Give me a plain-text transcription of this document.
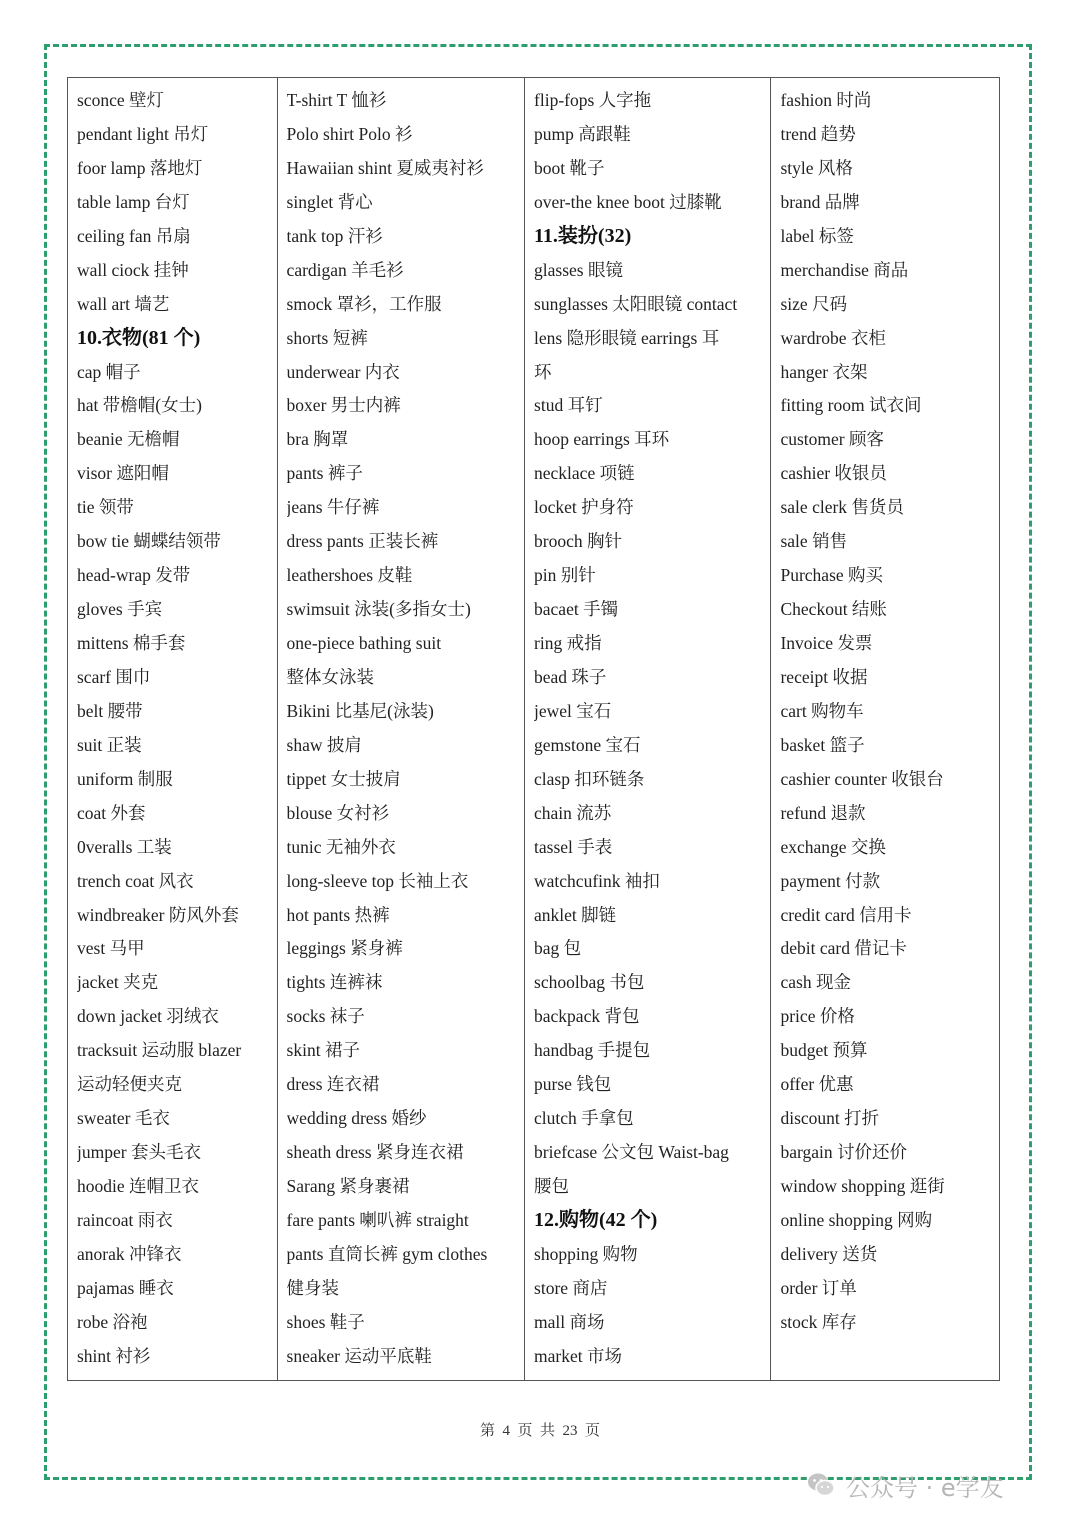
sconce 壁灯
pendant light 吊灯
foor lamp 落地灯
table lamp 台灯
ceiling fan 吊扇
wall ciock 挂钟
wall art 墙艺
10.衣物(81 个)
cap 帽子
hat 带檐帽(女士)
beanie 无檐帽
visor 遮阳帽
tie 领带
bow tie 蝴蝶结领带
head-wrap 发带
gloves 手宾
mittens 棉手套
scarf 围巾
belt 腰带
suit 正装
uniform 制服
coat 外套
0veralls 工装
trench coat 风衣
windbreaker 防风外套
vest 马甲
jacket 夹克
down jacket 羽绒衣
tracksuit 运动服 blazer
运动轻便夹克
sweater 毛衣
jumper 套头毛衣
hoodie 连帽卫衣
raincoat 雨衣
anorak 冲锋衣
pajamas 睡衣
robe 浴袍
shint 衬衫
T-shirt T 恤衫
Polo shirt Polo 衫
Hawaiian shint 夏威夷衬衫
singlet 背心
tank top 汗衫
cardigan 羊毛衫
smock 罩衫，工作服
shorts 短裤
underwear 内衣
boxer 男士内裤
bra 胸罩
pants 裤子
jeans 牛仔裤
dress pants 正装长裤
leathershoes 皮鞋
swimsuit 泳装(多指女士)
one-piece bathing suit
整体女泳装
Bikini 比基尼(泳装)
shaw 披肩
tippet 女士披肩
blouse 女衬衫
tunic 无袖外衣
long-sleeve top 长袖上衣
hot pants 热裤
leggings 紧身裤
tights 连裤袜
socks 袜子
skint 裙子
dress 连衣裙
wedding dress 婚纱
sheath dress 紧身连衣裙
Sarang 紧身裹裙
fare pants 喇叭裤 straight
pants 直筒长裤 gym clothes
健身装
shoes 鞋子
sneaker 运动平底鞋
flip-fops 人字拖
pump 高跟鞋
boot 靴子
over-the knee boot 过膝靴
11.装扮(32)
glasses 眼镜
sunglasses 太阳眼镜 contact
lens 隐形眼镜 earrings 耳
环
stud 耳钉
hoop earrings 耳环
necklace 项链
locket 护身符
brooch 胸针
pin 别针
bacaet 手镯
ring 戒指
bead 珠子
jewel 宝石
gemstone 宝石
clasp 扣环链条
chain 流苏
tassel 手表
watchcufink 袖扣
anklet 脚链
bag 包
schoolbag 书包
backpack 背包
handbag 手提包
purse 钱包
clutch 手拿包
briefcase 公文包 Waist-bag
腰包
12.购物(42 个)
shopping 购物
store 商店
mall 商场
market 市场
fashion 时尚
trend 趋势
style 风格
brand 品牌
label 标签
merchandise 商品
size 尺码
wardrobe 衣柜
hanger 衣架
fitting room 试衣间
customer 顾客
cashier 收银员
sale clerk 售货员
sale 销售
Purchase 购买
Checkout 结账
Invoice 发票
receipt 收据
cart 购物车
basket 篮子
cashier counter 收银台
refund 退款
exchange 交换
payment 付款
credit card 信用卡
debit card 借记卡
cash 现金
price 价格
budget 预算
offer 优惠
discount 打折
bargain 讨价还价
window shopping 逛街
online shopping 网购
delivery 送货
order 订单
stock 库存
第  4  页  共  23  页
公众号 · e学友
